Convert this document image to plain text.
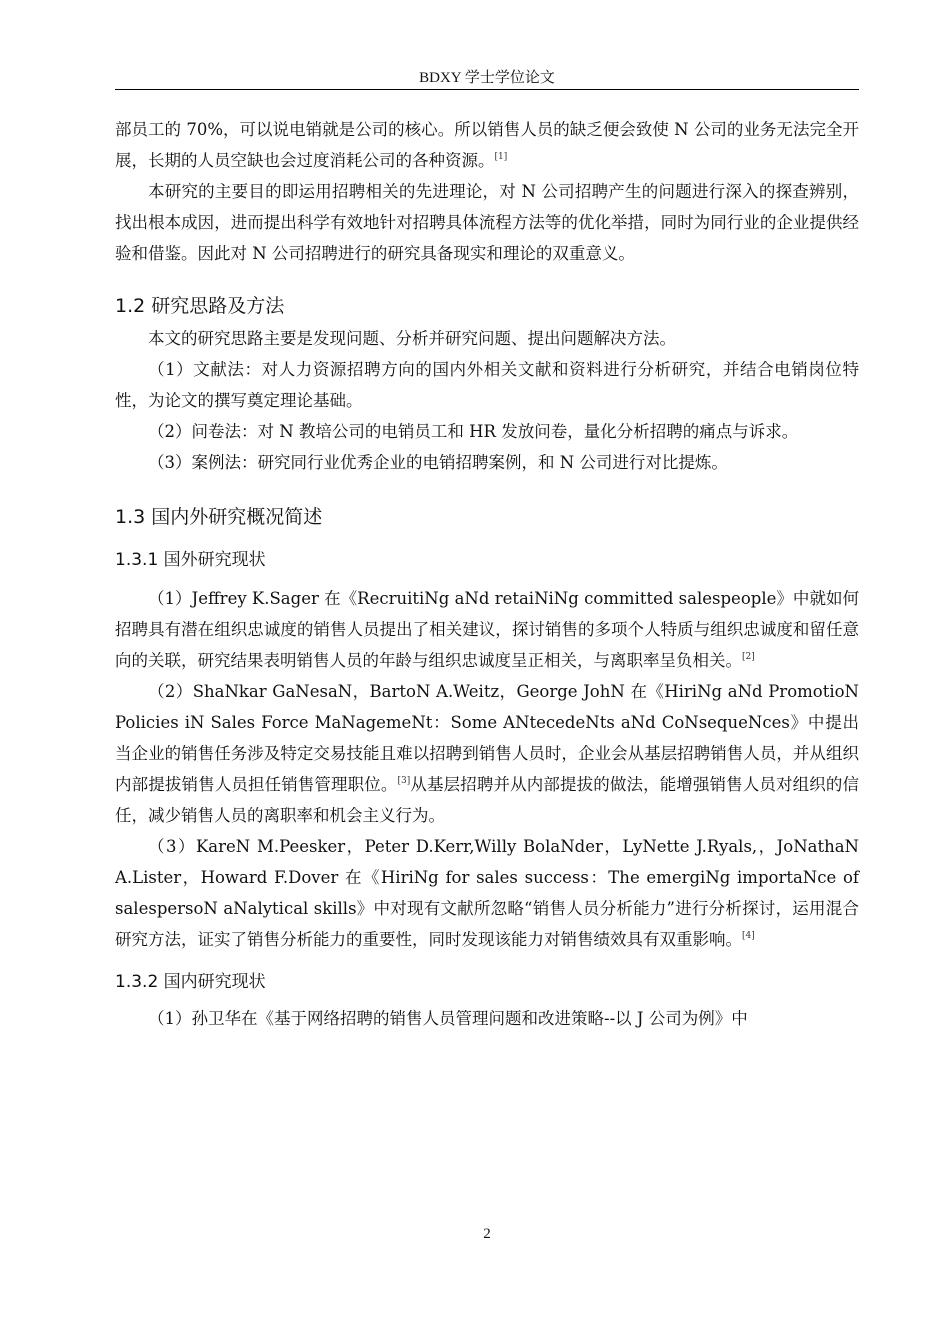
BDXY 学士学位论文

部员工的 70%，可以说电销就是公司的核心。所以销售人员的缺乏便会致使 N 公司的业务无法完全开展，长期的人员空缺也会过度消耗公司的各种资源。[1]

本研究的主要目的即运用招聘相关的先进理论，对 N 公司招聘产生的问题进行深入的探查辨别，找出根本成因，进而提出科学有效地针对招聘具体流程方法等的优化举措，同时为同行业的企业提供经验和借鉴。因此对 N 公司招聘进行的研究具备现实和理论的双重意义。

1.2 研究思路及方法

本文的研究思路主要是发现问题、分析并研究问题、提出问题解决方法。

（1）文献法：对人力资源招聘方向的国内外相关文献和资料进行分析研究，并结合电销岗位特性，为论文的撰写奠定理论基础。

（2）问卷法：对 N 教培公司的电销员工和 HR 发放问卷，量化分析招聘的痛点与诉求。

（3）案例法：研究同行业优秀企业的电销招聘案例，和 N 公司进行对比提炼。

1.3 国内外研究概况简述
1.3.1 国外研究现状

（1）Jeffrey K.Sager 在《RecruitiNg aNd retaiNiNg committed salespeople》中就如何招聘具有潜在组织忠诚度的销售人员提出了相关建议，探讨销售的多项个人特质与组织忠诚度和留任意向的关联，研究结果表明销售人员的年龄与组织忠诚度呈正相关，与离职率呈负相关。[2]

（2）ShaNkar GaNesaN，BartoN A.Weitz，George JohN 在《HiriNg aNd PromotioN Policies iN Sales Force MaNagemeNt：Some ANtecedeNts aNd CoNsequeNces》中提出当企业的销售任务涉及特定交易技能且难以招聘到销售人员时，企业会从基层招聘销售人员，并从组织内部提拔销售人员担任销售管理职位。[3]从基层招聘并从内部提拔的做法，能增强销售人员对组织的信任，减少销售人员的离职率和机会主义行为。

（3）KareN M.Peesker，Peter D.Kerr,Willy BolaNder，LyNette J.Ryals,，JoNathaN A.Lister，Howard F.Dover 在《HiriNg for sales success：The emergiNg importaNce of salespersoN aNalytical skills》中对现有文献所忽略“销售人员分析能力”进行分析探讨，运用混合研究方法，证实了销售分析能力的重要性，同时发现该能力对销售绩效具有双重影响。[4]

1.3.2 国内研究现状

（1）孙卫华在《基于网络招聘的销售人员管理问题和改进策略--以 J 公司为例》中

2
